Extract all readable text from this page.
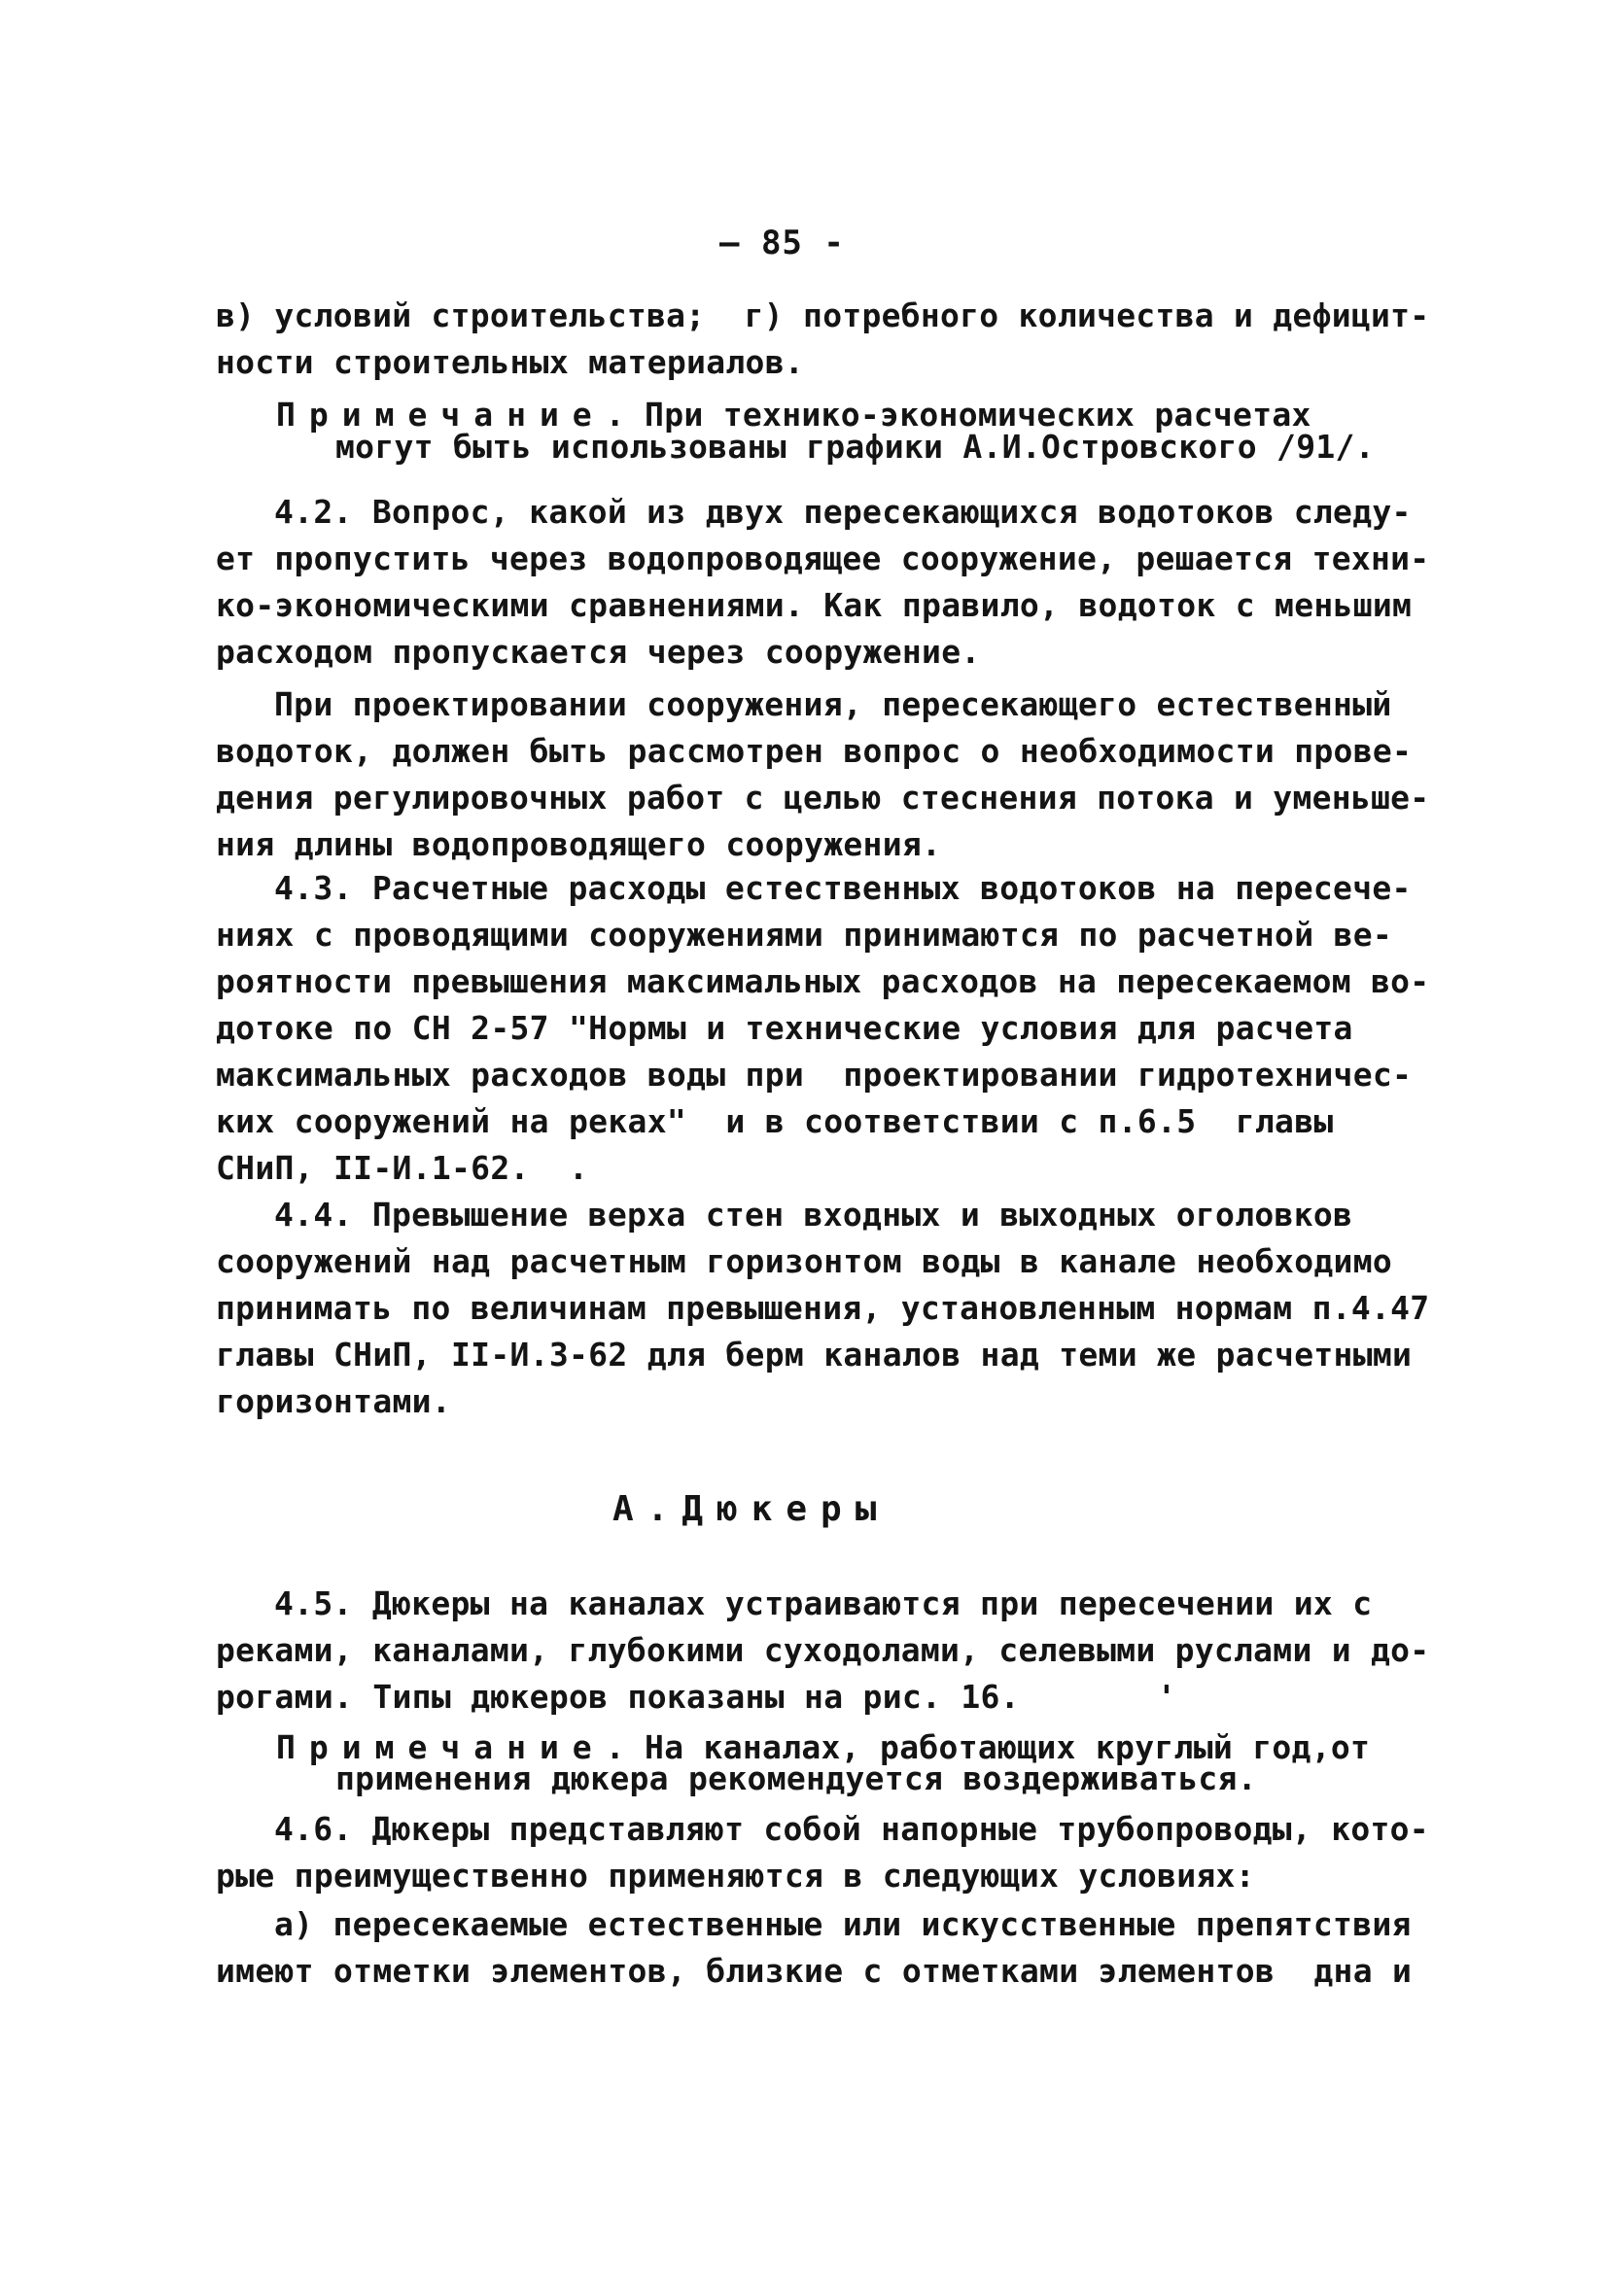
— 85 -
в) условий строительства;  г) потребного количества и дефицит-
ности строительных материалов.
Примечание. При технико-экономических расчетах
могут быть использованы графики А.И.Островского /91/.
4.2. Вопрос, какой из двух пересекающихся водотоков следу-
ет пропустить через водопроводящее сооружение, решается техни-
ко-экономическими сравнениями. Как правило, водоток с меньшим
расходом пропускается через сооружение.
При проектировании сооружения, пересекающего естественный
водоток, должен быть рассмотрен вопрос о необходимости прове-
дения регулировочных работ с целью стеснения потока и уменьше-
ния длины водопроводящего сооружения.
4.3. Расчетные расходы естественных водотоков на пересече-
ниях с проводящими сооружениями принимаются по расчетной ве-
роятности превышения максимальных расходов на пересекаемом во-
дотоке по СН 2-57 "Нормы и технические условия для расчета
максимальных расходов воды при  проектировании гидротехничес-
ких сооружений на реках"  и в соответствии с п.6.5  главы
СНиП, II-И.1-62.  .
4.4. Превышение верха стен входных и выходных оголовков
сооружений над расчетным горизонтом воды в канале необходимо
принимать по величинам превышения, установленным нормам п.4.47
главы СНиП, II-И.3-62 для берм каналов над теми же расчетными
горизонтами.
А.Дюкеры
4.5. Дюкеры на каналах устраиваются при пересечении их с
реками, каналами, глубокими суходолами, селевыми руслами и до-
рогами. Типы дюкеров показаны на рис. 16.       '
Примечание. На каналах, работающих круглый год,от
применения дюкера рекомендуется воздерживаться.
4.6. Дюкеры представляют собой напорные трубопроводы, кото-
рые преимущественно применяются в следующих условиях:
а) пересекаемые естественные или искусственные препятствия
имеют отметки элементов, близкие с отметками элементов  дна и
